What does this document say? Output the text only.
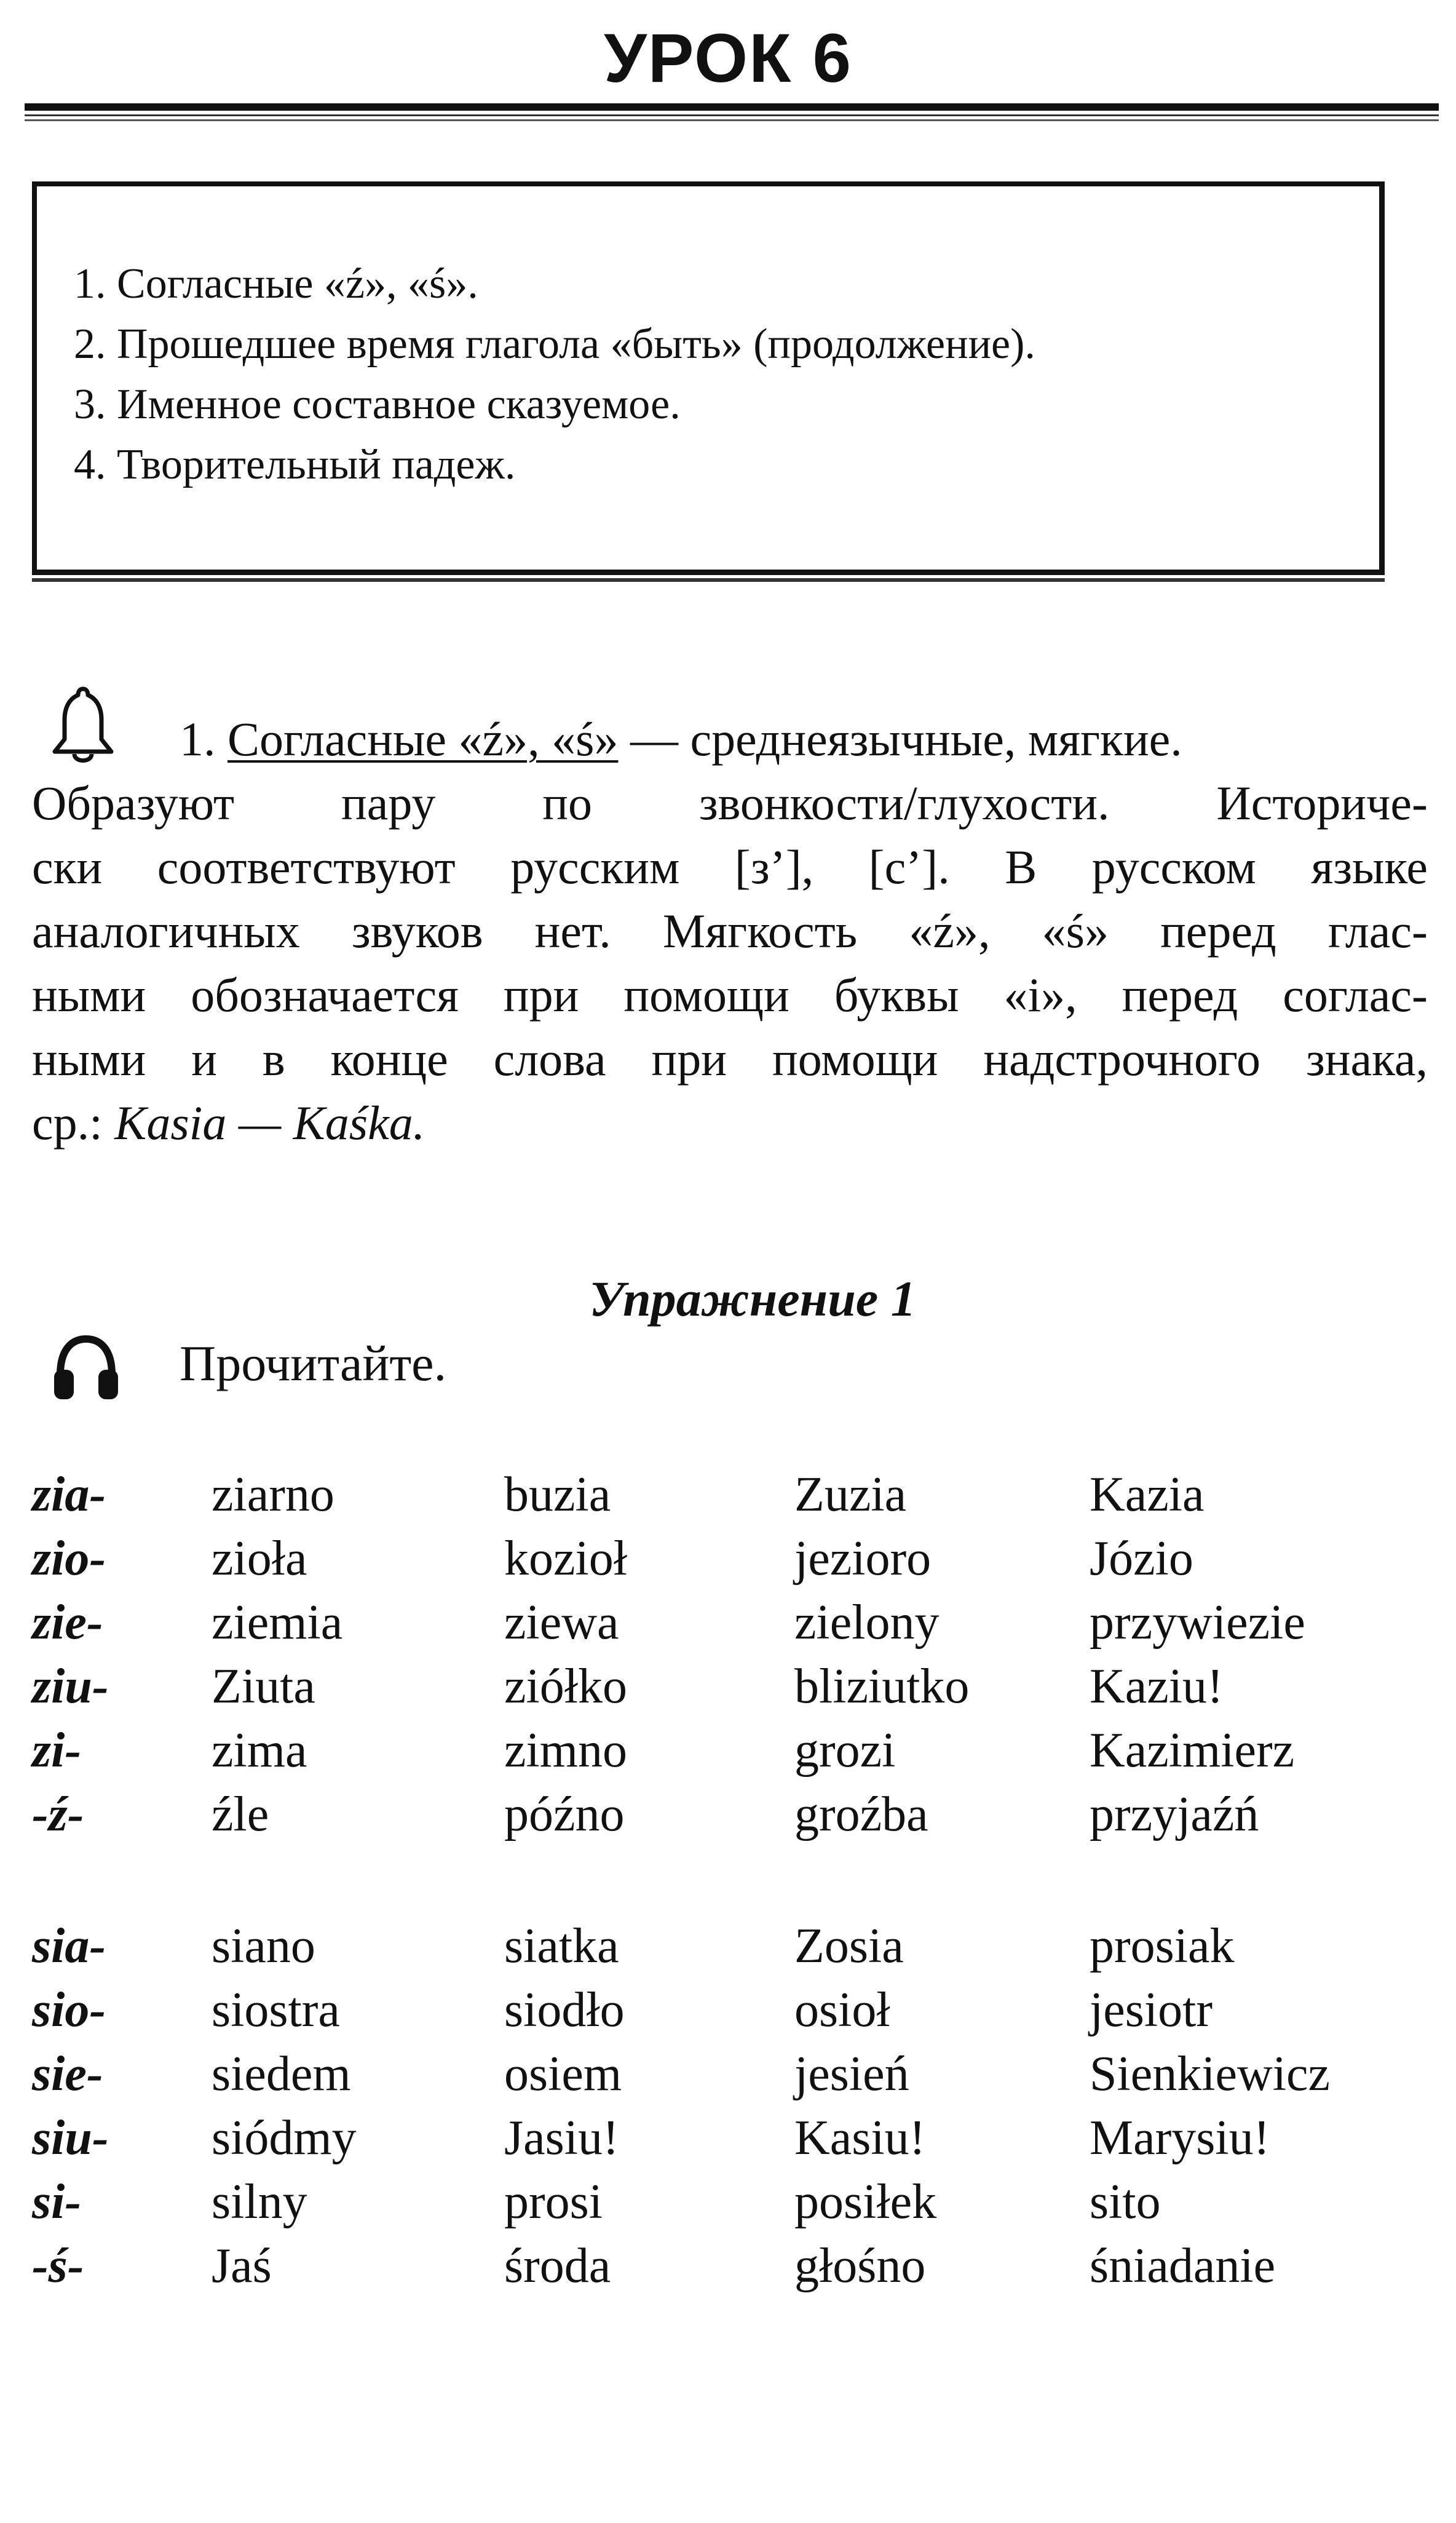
УРОК 6
1. Согласные «ź», «ś».
2. Прошедшее время глагола «быть» (продолжение).
3. Именное составное сказуемое.
4. Творительный падеж.

1. Согласные «ź», «ś» — среднеязычные, мягкие.

Образуют пару по звонкости/глухости. Историче-

ски соответствуют русским [з’], [с’]. В русском языке

аналогичных звуков нет. Мягкость «ź», «ś» перед глас-

ными обозначается при помощи буквы «i», перед соглас-

ными и в конце слова при помощи надстрочного знака,

ср.: Kasia — Kaśka.

Упражнение 1
Прочитайте.
zia- ziarno	buzia	Zuzia	Kazia
zio- zioła	kozioł	jezioro	Józio
zie- ziemia	ziewa	zielony	przywiezie
ziu- Ziuta	ziółko	bliziutko Kaziu!
zi-	zima	zimno	grozi	Kazimierz
-ź-	źle	późno	groźba	przyjaźń
sia- siano	siatka	Zosia	prosiak
sio- siostra	siodło	osioł	jesiotr
sie- siedem	osiem	jesień	Sienkiewicz
siu- siódmy	Jasiu!	Kasiu!	Marysiu!
si-	silny	prosi	posiłek	sito
-ś-	Jaś	środa	głośno	śniadanie
